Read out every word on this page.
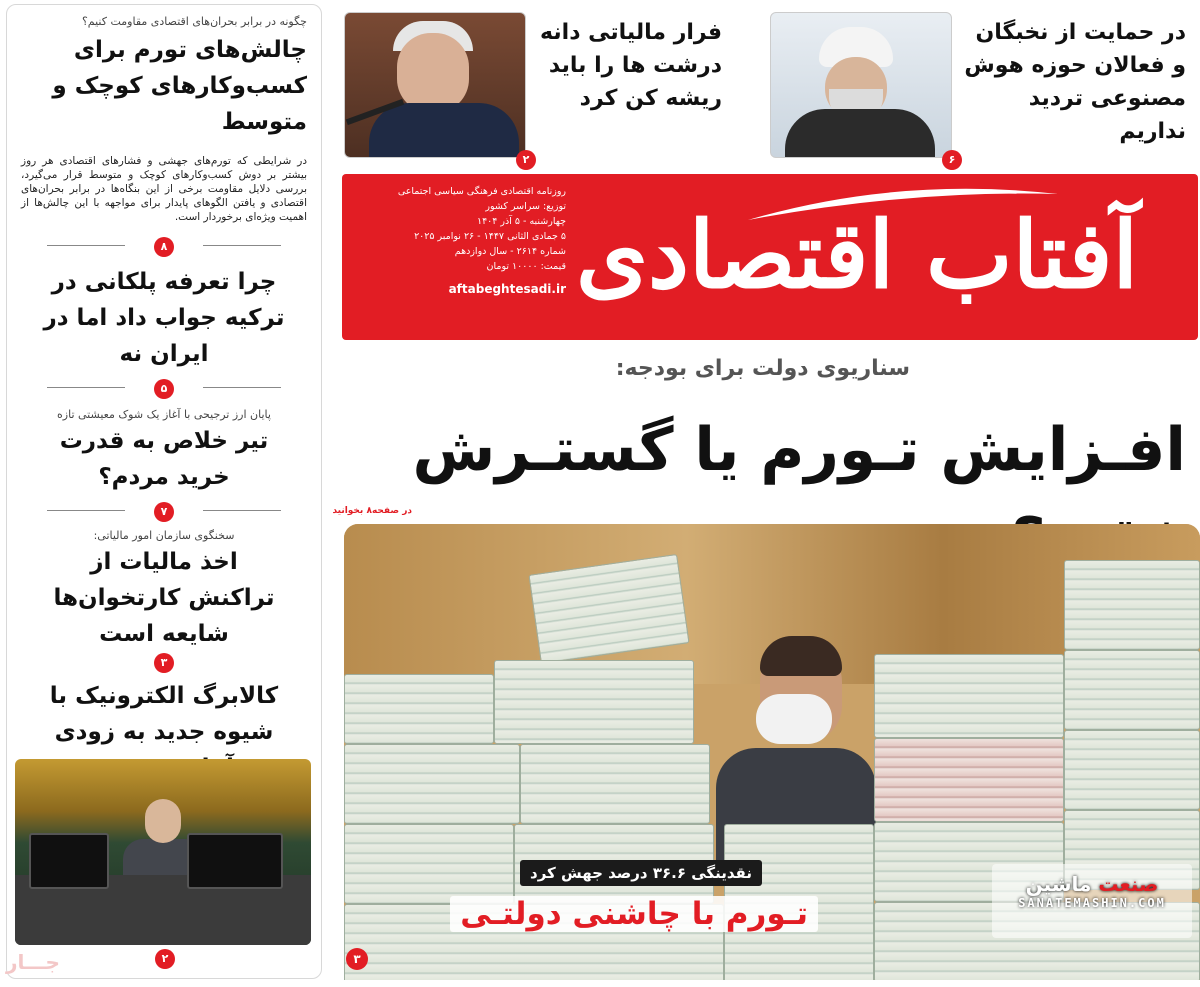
چگونه در برابر بحران‌های اقتصادی مقاومت کنیم؟
چالش‌های تورم برای کسب‌وکارهای کوچک و متوسط
در شرایطی که تورم‌های جهشی و فشارهای اقتصادی هر روز بیشتر بر دوش کسب‌وکارهای کوچک و متوسط قرار می‌گیرد، بررسی دلایل مقاومت برخی از این بنگاه‌ها در برابر بحران‌های اقتصادی و یافتن الگوهای پایدار برای مواجهه با این چالش‌ها از اهمیت ویژه‌ای برخوردار است.
۸
چرا تعرفه پلکانی در ترکیه جواب داد اما در ایران نه
۵
پایان ارز ترجیحی با آغاز یک شوک معیشتی تازه
تیر خلاص به قدرت خرید مردم؟
۷
سخنگوی سازمان امور مالیاتی:
اخذ مالیات از تراکنش کارتخوان‌ها شایعه است
۳
کالابرگ الکترونیک با شیوه جدید به زودی
۲
جـــار
در حمایت از نخبگان و فعالان حوزه هوش مصنوعی تردید نداریم
۶
فرار مالیاتی دانه درشت ها را باید ریشه کن کرد
۲
آفتاب اقتصادی
روزنامه اقتصادی فرهنگی سیاسی اجتماعی
توزیع: سراسر کشور
چهارشنبه - ۵ آذر ۱۴۰۴
۵ جمادی الثانی ۱۴۴۷ - ۲۶ نوامبر ۲۰۲۵
شماره ۲۶۱۴ - سال دوازدهم
قیمت: ۱۰۰۰۰ تومان
aftabeghtesadi.ir
سناریوی دولت برای بودجه:
افـزایش تـورم یا گستـرش
در صفحه۸ بخوانید
نقدینگی ۳۶.۶ درصد جهش کرد
تـورم با چاشنی دولتـی
۳
صنعت ماشین
SANATEMASHIN.COM
